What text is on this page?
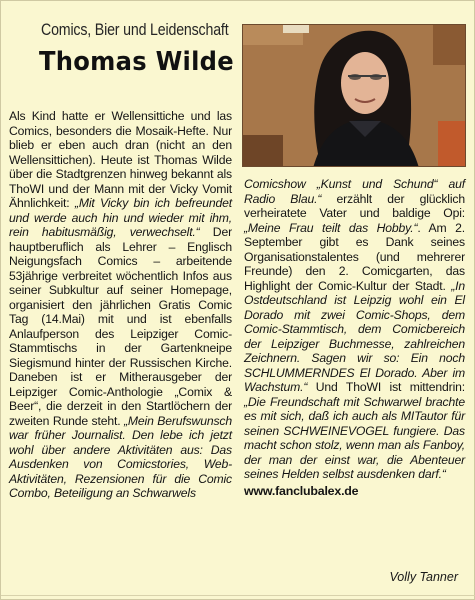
Comics, Bier und Leidenschaft
Thomas Wilde

Als Kind hatte er Wellensittiche und las Comics, besonders die Mosaik-Hefte. Nur blieb er eben auch dran (nicht an den Wellensittichen). Heute ist Thomas Wilde über die Stadtgrenzen hinweg bekannt als ThoWI und der Mann mit der Vicky Vomit Ähnlichkeit: „Mit Vicky bin ich befreundet und werde auch hin und wieder mit ihm, rein habitusmäßig, verwechselt.“ Der hauptberuflich als Lehrer – Englisch Neigungsfach Comics – arbeitende 53jährige verbreitet wöchentlich Infos aus seiner Subkultur auf seiner Homepage, organisiert den jährlichen Gratis Comic Tag (14.Mai) mit und ist ebenfalls Anlaufperson des Leipziger Comic-Stammtischs in der Gartenkneipe Siegismund hinter der Russischen Kirche. Daneben ist er Mitherausgeber der Leipziger Comic-Anthologie „Comix & Beer“, die derzeit in den Startlöchern der zweiten Runde steht. „Mein Berufswunsch war früher Journalist. Den lebe ich jetzt wohl über andere Aktivitäten aus: Das Ausdenken von Comicstories, Web-Aktivitäten, Rezensionen für die Comic Combo, Beteiligung an Schwarwels

Comicshow „Kunst und Schund“ auf Radio Blau.“ erzählt der glücklich verheiratete Vater und baldige Opi: „Meine Frau teilt das Hobby.“. Am 2. September gibt es Dank seines Organisationstalentes (und mehrerer Freunde) den 2. Comicgarten, das Highlight der Comic-Kultur der Stadt. „In Ostdeutschland ist Leipzig wohl ein El Dorado mit zwei Comic-Shops, dem Comic-Stammtisch, dem Comicbereich der Leipziger Buchmesse, zahlreichen Zeichnern. Sagen wir so: Ein noch SCHLUMMERNDES El Dorado. Aber im Wachstum.“ Und ThoWI ist mittendrin: „Die Freundschaft mit Schwarwel brachte es mit sich, daß ich auch als MITautor für seinen SCHWEINEVOGEL fungiere. Das macht schon stolz, wenn man als Fanboy, der man der einst war, die Abenteuer seines Helden selbst ausdenken darf.“

www.fanclubalex.de
Volly Tanner
